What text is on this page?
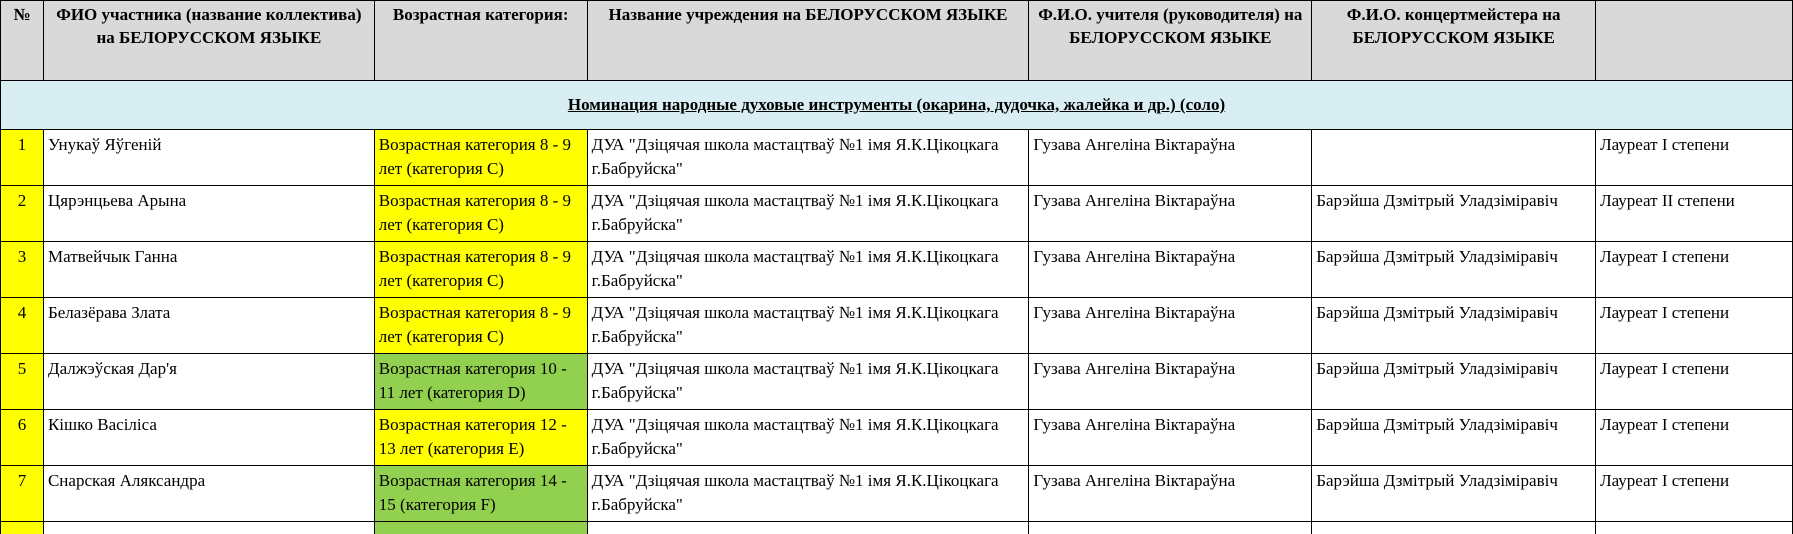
№	ФИО участника (название коллектива) на БЕЛОРУССКОМ ЯЗЫКЕ	Возрастная категория:	Название учреждения на БЕЛОРУССКОМ ЯЗЫКЕ	Ф.И.О. учителя (руководителя) на БЕЛОРУССКОМ ЯЗЫКЕ	Ф.И.О. концертмейстера на БЕЛОРУССКОМ ЯЗЫКЕ	
Номинация народные духовые инструменты (окарина, дудочка, жалейка и др.) (соло)						
1	Унукаў Яўгеній	Возрастная категория 8 - 9 лет (категория С)	ДУА "Дзіцячая школа мастацтваў №1 імя Я.К.Цікоцкага г.Бабруйска"	Гузава Ангеліна Віктараўна		Лауреат I степени
2	Цярэнцьева Арына	Возрастная категория 8 - 9 лет (категория С)	ДУА "Дзіцячая школа мастацтваў №1 імя Я.К.Цікоцкага г.Бабруйска"	Гузава Ангеліна Віктараўна	Барэйша Дзмітрый Уладзіміравіч	Лауреат II степени
3	Матвейчык Ганна	Возрастная категория 8 - 9 лет (категория С)	ДУА "Дзіцячая школа мастацтваў №1 імя Я.К.Цікоцкага г.Бабруйска"	Гузава Ангеліна Віктараўна	Барэйша Дзмітрый Уладзіміравіч	Лауреат I степени
4	Белазёрава Злата	Возрастная категория 8 - 9 лет (категория С)	ДУА "Дзіцячая школа мастацтваў №1 імя Я.К.Цікоцкага г.Бабруйска"	Гузава Ангеліна Віктараўна	Барэйша Дзмітрый Уладзіміравіч	Лауреат I степени
5	Далжэўская Дар'я	Возрастная категория 10 - 11 лет (категория D)	ДУА "Дзіцячая школа мастацтваў №1 імя Я.К.Цікоцкага г.Бабруйска"	Гузава Ангеліна Віктараўна	Барэйша Дзмітрый Уладзіміравіч	Лауреат I степени
6	Кішко Васіліса	Возрастная категория 12 - 13 лет (категория E)	ДУА "Дзіцячая школа мастацтваў №1 імя Я.К.Цікоцкага г.Бабруйска"	Гузава Ангеліна Віктараўна	Барэйша Дзмітрый Уладзіміравіч	Лауреат I степени
7	Снарская Аляксандра	Возрастная категория 14 - 15 (категория F)	ДУА "Дзіцячая школа мастацтваў №1 імя Я.К.Цікоцкага г.Бабруйска"	Гузава Ангеліна Віктараўна	Барэйша Дзмітрый Уладзіміравіч	Лауреат I степени
